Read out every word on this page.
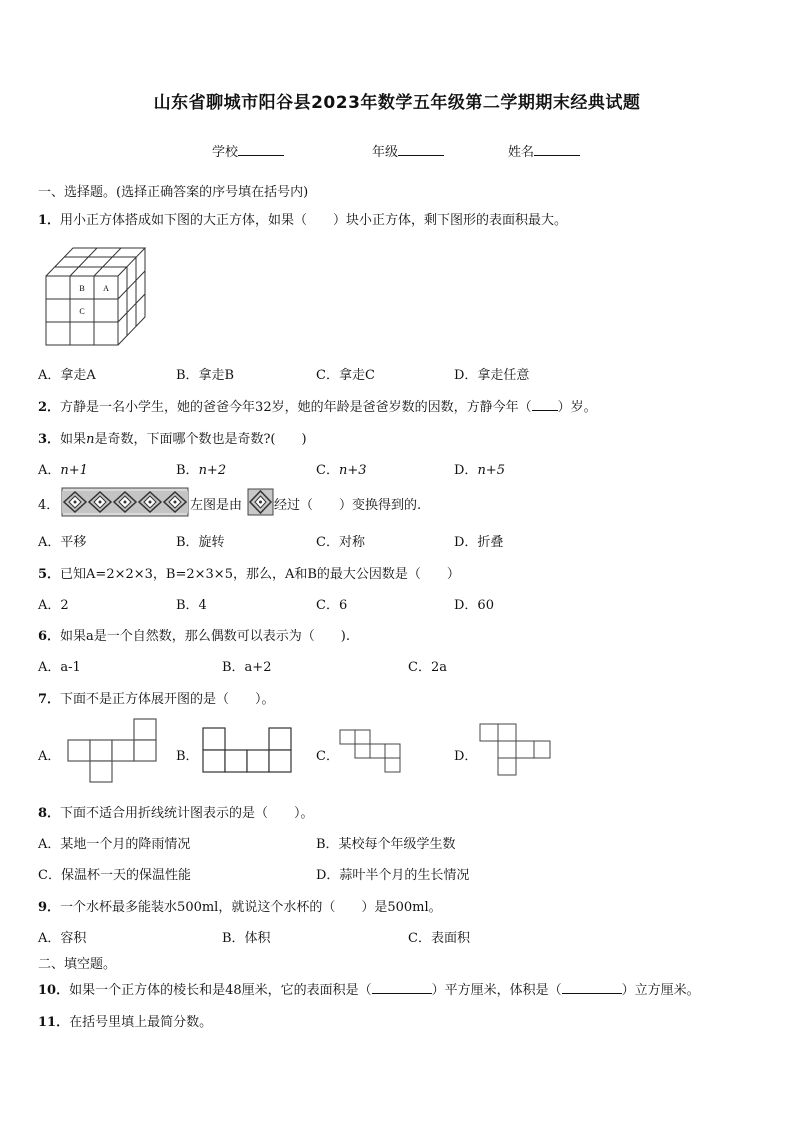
山东省聊城市阳谷县2023年数学五年级第二学期期末经典试题
学校	年级	姓名
一、选择题。(选择正确答案的序号填在括号内)
1．用小正方体搭成如下图的大正方体，如果（　　）块小正方体，剩下图形的表面积最大。
B A
C
A．拿走A	B．拿走B	C．拿走C	D．拿走任意
2．方静是一名小学生，她的爸爸今年32岁，她的年龄是爸爸岁数的因数，方静今年（ ）岁。
3．如果n是奇数，下面哪个数也是奇数?(　　)
A．n+1	B．n+2	C．n+3	D．n+5
4．	左图是由 经过（　　）变换得到的.
A．平移	B．旋转	C．对称	D．折叠
5．已知A=2×2×3，B=2×3×5，那么，A和B的最大公因数是（　　）
A．2	B．4	C．6	D．60
6．如果a是一个自然数，那么偶数可以表示为（　　).
A．a-1	B．a+2	C．2a
7．下面不是正方体展开图的是（　　）。
A．	B．	C．	D．
8．下面不适合用折线统计图表示的是（　　）。
A．某地一个月的降雨情况	B．某校每个年级学生数
C．保温杯一天的保温性能	D．蒜叶半个月的生长情况
9．一个水杯最多能装水500ml，就说这个水杯的（　　）是500ml。
A．容积	B．体积	C．表面积
二、填空题。
10．如果一个正方体的棱长和是48厘米，它的表面积是（	）平方厘米，体积是（	）立方厘米。
11．在括号里填上最简分数。
